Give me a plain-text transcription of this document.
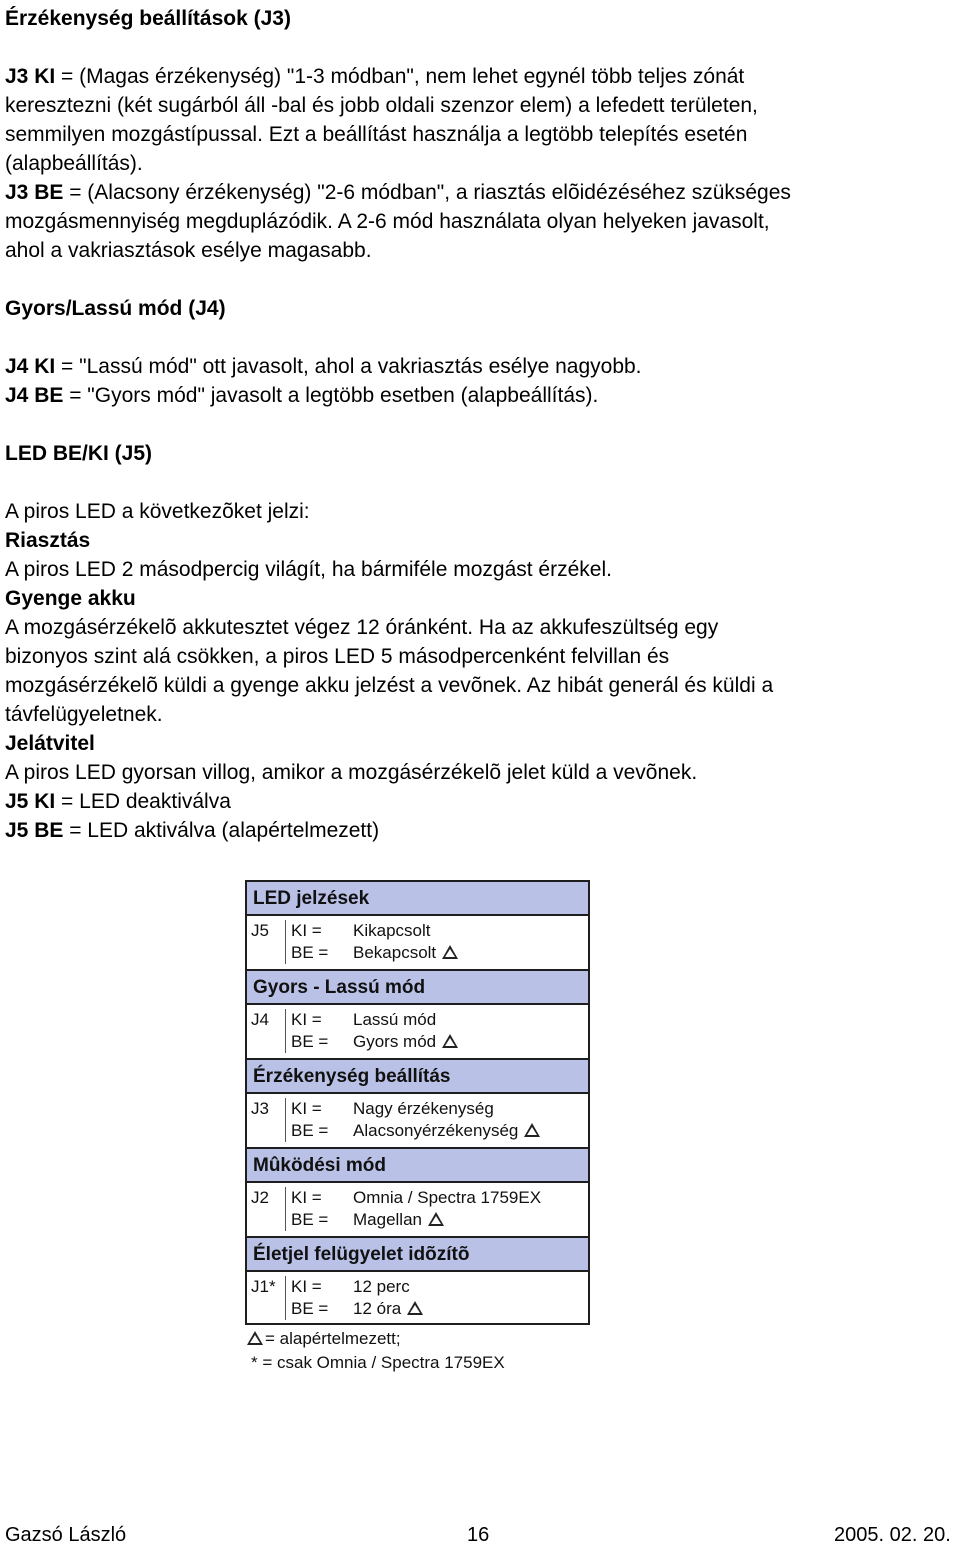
Érzékenység beállítások (J3)

J3 KI = (Magas érzékenység) "1-3 módban", nem lehet egynél több teljes zónát

keresztezni (két sugárból áll -bal és jobb oldali szenzor elem) a lefedett területen,

semmilyen mozgástípussal. Ezt a beállítást használja a legtöbb telepítés esetén

(alapbeállítás).

J3 BE = (Alacsony érzékenység) "2-6 módban", a riasztás elõidézéséhez szükséges

mozgásmennyiség megduplázódik. A 2-6 mód használata olyan helyeken javasolt,

ahol a vakriasztások esélye magasabb.

Gyors/Lassú mód (J4)

J4 KI = "Lassú mód" ott javasolt, ahol a vakriasztás esélye nagyobb.

J4 BE = "Gyors mód" javasolt a legtöbb esetben (alapbeállítás).

LED BE/KI (J5)

A piros LED a következõket jelzi:

Riasztás

A piros LED 2 másodpercig világít, ha bármiféle mozgást érzékel.

Gyenge akku

A mozgásérzékelõ akkutesztet végez 12 óránként. Ha az akkufeszültség egy

bizonyos szint alá csökken, a piros LED 5 másodpercenként felvillan és

mozgásérzékelõ küldi a gyenge akku jelzést a vevõnek. Az hibát generál és küldi a

távfelügyeletnek.

Jelátvitel

A piros LED gyorsan villog, amikor a mozgásérzékelõ jelet küld a vevõnek.

J5 KI = LED deaktiválva

J5 BE = LED aktiválva (alapértelmezett)

LED jelzések
J5 KI = Kikapcsolt
BE = Bekapcsolt
Gyors - Lassú mód
J4 KI = Lassú mód
BE = Gyors mód
Érzékenység beállítás
J3 KI = Nagy érzékenység
BE = Alacsonyérzékenység
Mûködési mód
J2 KI = Omnia / Spectra 1759EX
BE = Magellan
Életjel felügyelet idõzítõ
J1* KI = 12 perc
BE = 12 óra
= alapértelmezett;
* = csak Omnia / Spectra 1759EX
Gazsó László	16	2005. 02. 20.
